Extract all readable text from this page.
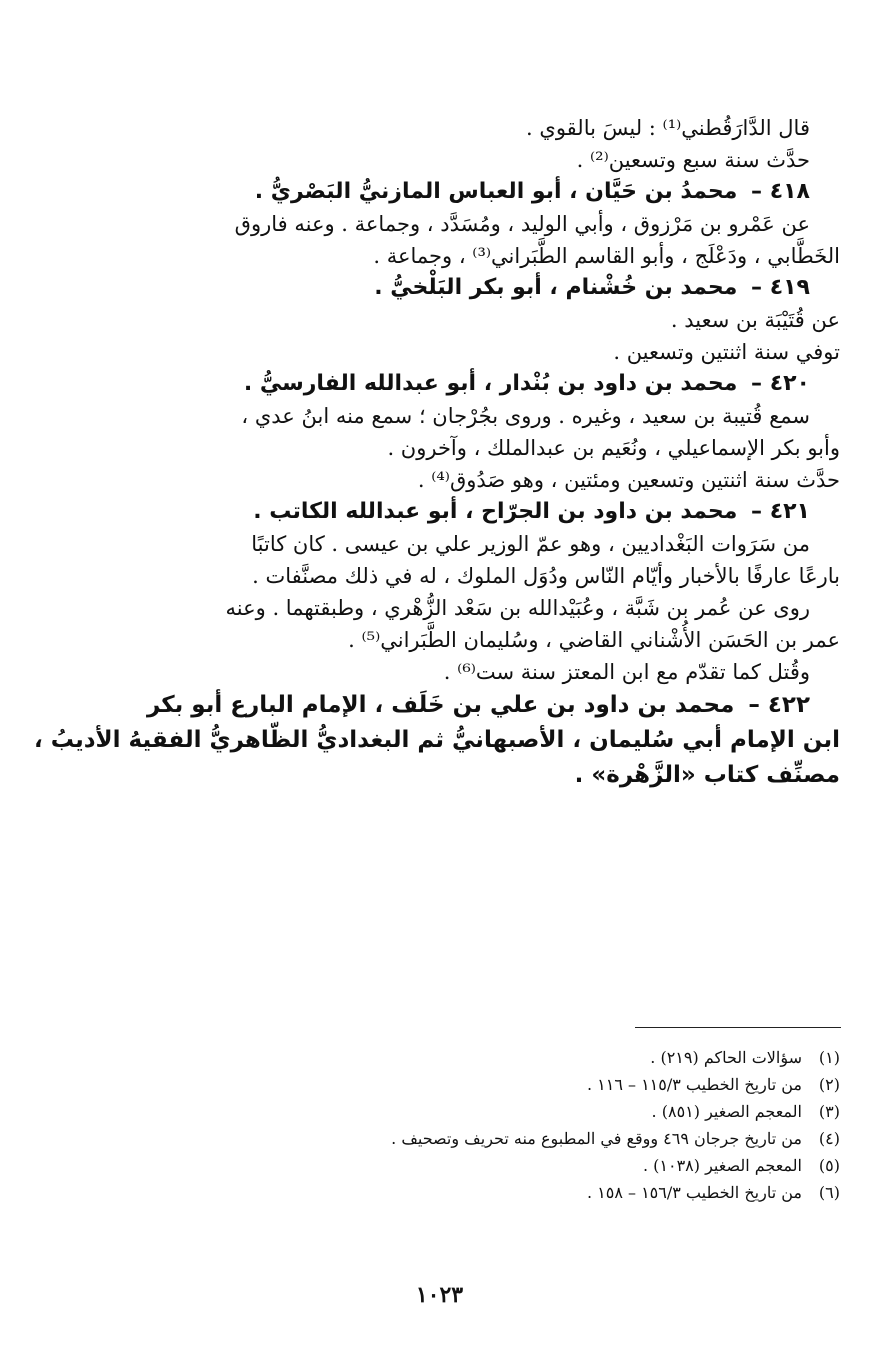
قال الدَّارَقُطني⁽¹⁾ : ليسَ بالقوي .
حدَّث سنة سبع وتسعين⁽²⁾ .
٤١٨ – محمدُ بن حَيَّان ، أبو العباس المازنيُّ البَصْريُّ .
عن عَمْرو بن مَرْزوق ، وأبي الوليد ، ومُسَدَّد ، وجماعة . وعنه فاروق
الخَطَّابي ، ودَعْلَج ، وأبو القاسم الطَّبَراني⁽³⁾ ، وجماعة .
٤١٩ – محمد بن خُشْنام ، أبو بكر البَلْخيُّ .
عن قُتَيْبَة بن سعيد .
توفي سنة اثنتين وتسعين .
٤٢٠ – محمد بن داود بن بُنْدار ، أبو عبدالله الفارسيُّ .
سمع قُتيبة بن سعيد ، وغيره . وروى بجُرْجان ؛ سمع منه ابنُ عدي ،
وأبو بكر الإسماعيلي ، ونُعَيم بن عبدالملك ، وآخرون .
حدَّث سنة اثنتين وتسعين ومئتين ، وهو صَدُوق⁽⁴⁾ .
٤٢١ – محمد بن داود بن الجرّاح ، أبو عبدالله الكاتب .
من سَرَوات البَغْداديين ، وهو عمّ الوزير علي بن عيسى . كان كاتبًا
بارعًا عارفًا بالأخبار وأيّام النّاس ودُوَل الملوك ، له في ذلك مصنَّفات .
روى عن عُمر بن شَبَّة ، وعُبَيْدالله بن سَعْد الزُّهْري ، وطبقتهما . وعنه
عمر بن الحَسَن الأُشْناني القاضي ، وسُليمان الطَّبَراني⁽⁵⁾ .
وقُتل كما تقدّم مع ابن المعتز سنة ست⁽⁶⁾ .
٤٢٢ – محمد بن داود بن علي بن خَلَف ، الإمام البارع أبو بكر
ابن الإمام أبي سُليمان ، الأصبهانيُّ ثم البغداديُّ الظّاهريُّ الفقيهُ الأديبُ ،
مصنِّف كتاب «الزَّهْرة» .
(١)سؤالات الحاكم (٢١٩) .
(٢)من تاريخ الخطيب ١١٥/٣ – ١١٦ .
(٣)المعجم الصغير (٨٥١) .
(٤)من تاريخ جرجان ٤٦٩ ووقع في المطبوع منه تحريف وتصحيف .
(٥)المعجم الصغير (١٠٣٨) .
(٦)من تاريخ الخطيب ١٥٦/٣ – ١٥٨ .
١٠٢٣
